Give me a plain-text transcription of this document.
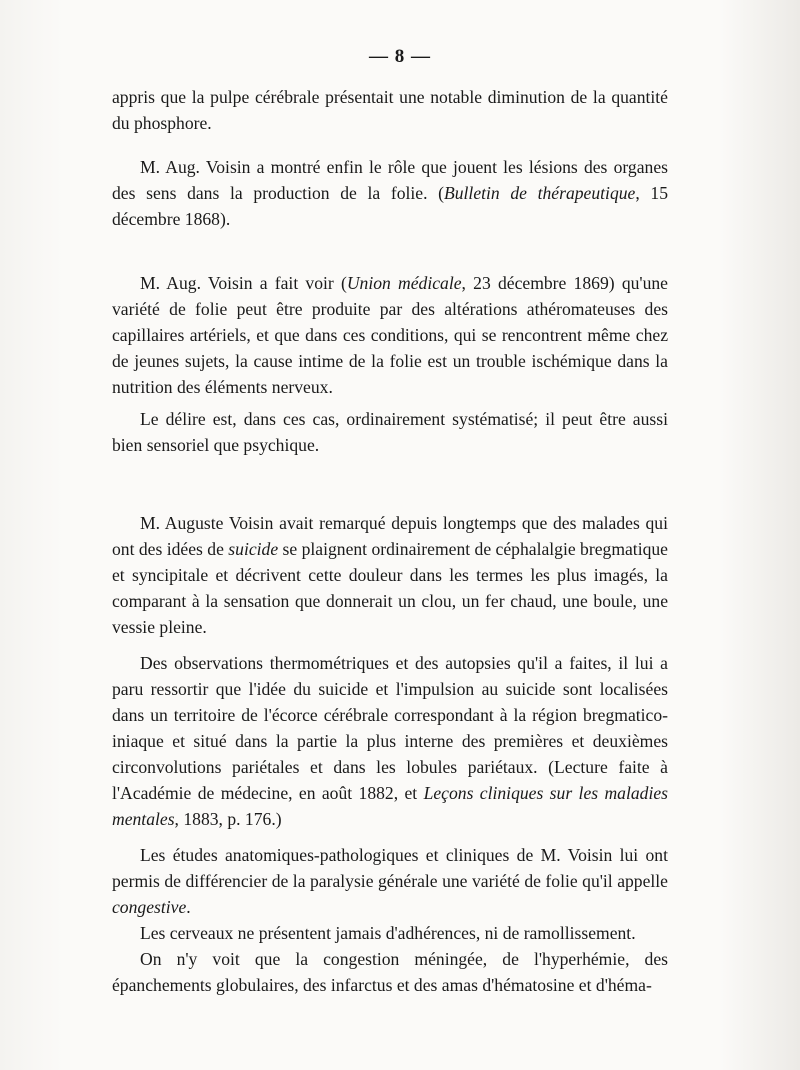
— 8 —

appris que la pulpe cérébrale présentait une notable diminution de la quantité du phosphore.

M. Aug. Voisin a montré enfin le rôle que jouent les lésions des organes des sens dans la production de la folie. (Bulletin de thérapeutique, 15 décembre 1868).

M. Aug. Voisin a fait voir (Union médicale, 23 décembre 1869) qu'une variété de folie peut être produite par des altérations athéromateuses des capillaires artériels, et que dans ces conditions, qui se rencontrent même chez de jeunes sujets, la cause intime de la folie est un trouble ischémique dans la nutrition des éléments nerveux.

Le délire est, dans ces cas, ordinairement systématisé; il peut être aussi bien sensoriel que psychique.

M. Auguste Voisin avait remarqué depuis longtemps que des malades qui ont des idées de suicide se plaignent ordinairement de céphalalgie bregmatique et syncipitale et décrivent cette douleur dans les termes les plus imagés, la comparant à la sensation que donnerait un clou, un fer chaud, une boule, une vessie pleine.

Des observations thermométriques et des autopsies qu'il a faites, il lui a paru ressortir que l'idée du suicide et l'impulsion au suicide sont localisées dans un territoire de l'écorce cérébrale correspondant à la région bregmatico-iniaque et situé dans la partie la plus interne des premières et deuxièmes circonvolutions pariétales et dans les lobules pariétaux. (Lecture faite à l'Académie de médecine, en août 1882, et Leçons cliniques sur les maladies mentales, 1883, p. 176.)

Les études anatomiques-pathologiques et cliniques de M. Voisin lui ont permis de différencier de la paralysie générale une variété de folie qu'il appelle congestive.

Les cerveaux ne présentent jamais d'adhérences, ni de ramollissement.

On n'y voit que la congestion méningée, de l'hyperhémie, des épanchements globulaires, des infarctus et des amas d'hématosine et d'héma-
